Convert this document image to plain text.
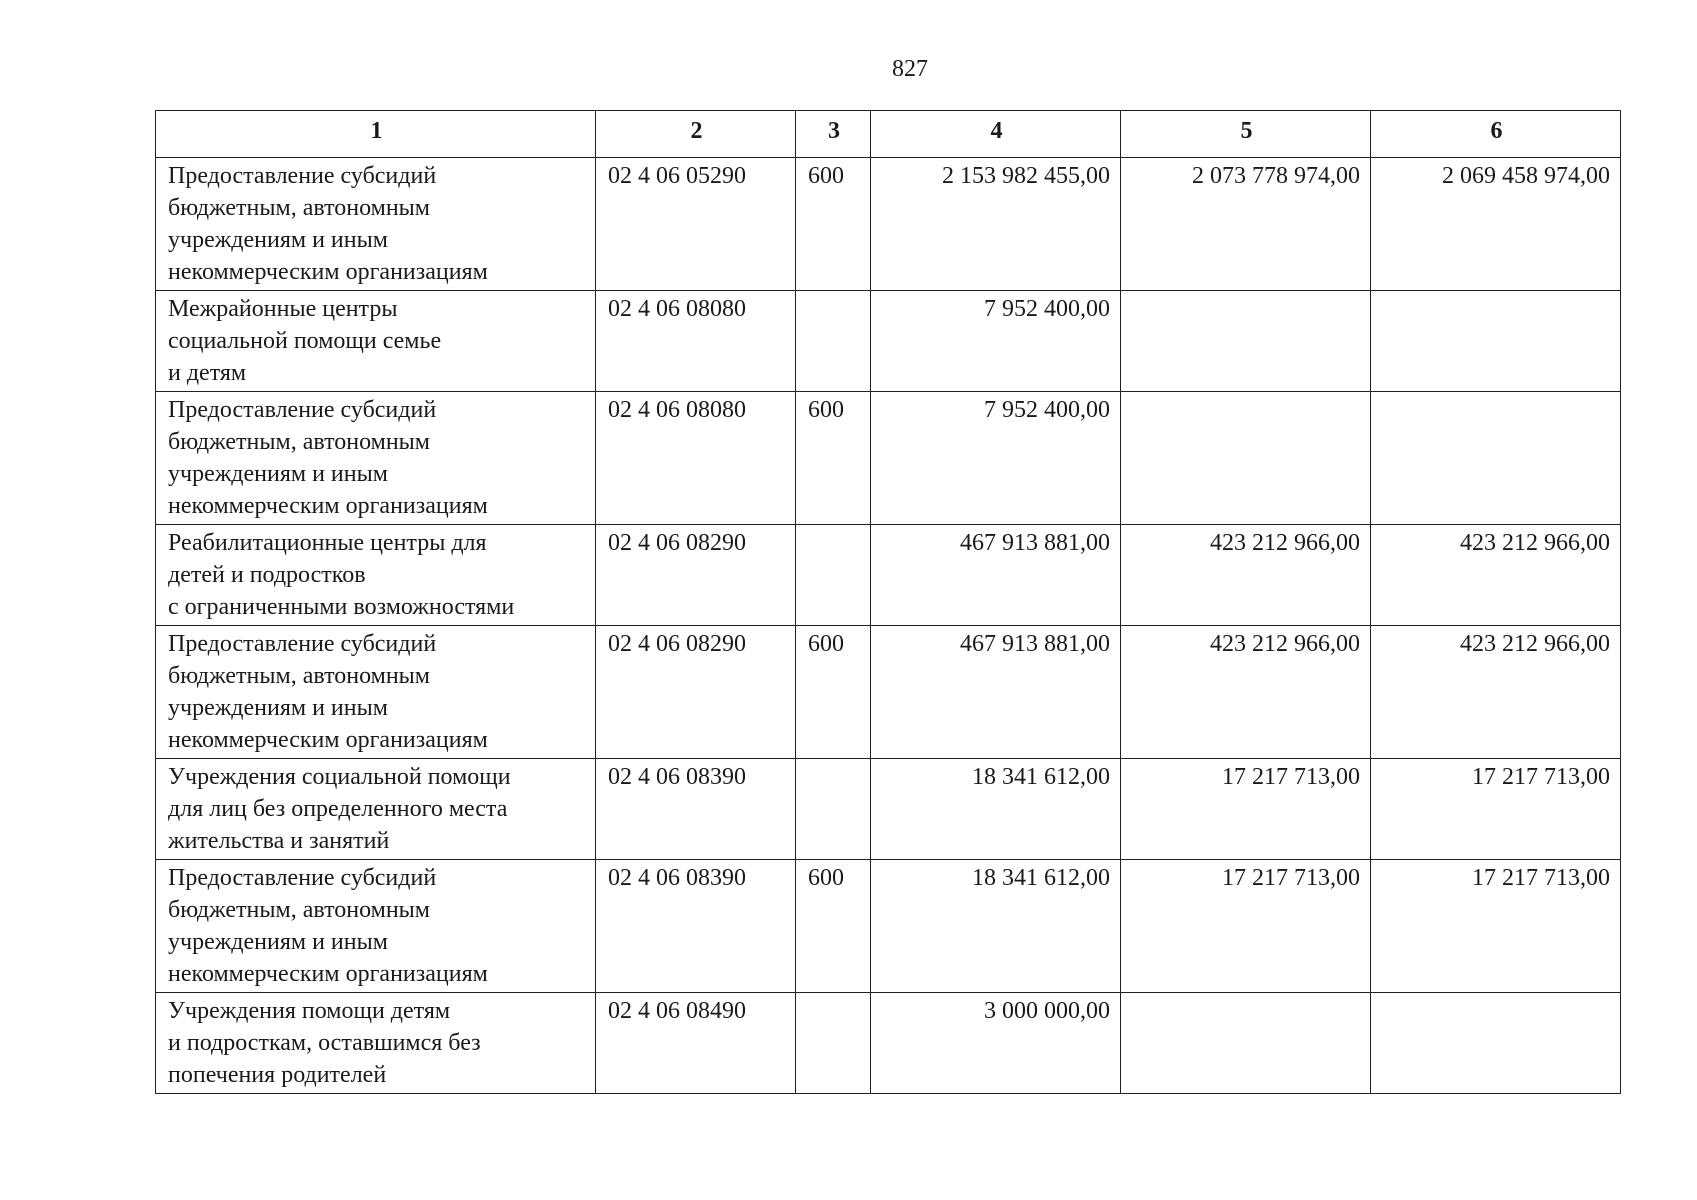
827
1	2	3	4	5	6
Предоставление субсидий
бюджетным, автономным
учреждениям и иным
некоммерческим организациям	02 4 06 05290	600	2 153 982 455,00	2 073 778 974,00	2 069 458 974,00
Межрайонные центры
социальной помощи семье
и детям	02 4 06 08080		7 952 400,00		
Предоставление субсидий
бюджетным, автономным
учреждениям и иным
некоммерческим организациям	02 4 06 08080	600	7 952 400,00		
Реабилитационные центры для
детей и подростков
с ограниченными возможностями	02 4 06 08290		467 913 881,00	423 212 966,00	423 212 966,00
Предоставление субсидий
бюджетным, автономным
учреждениям и иным
некоммерческим организациям	02 4 06 08290	600	467 913 881,00	423 212 966,00	423 212 966,00
Учреждения социальной помощи
для лиц без определенного места
жительства и занятий	02 4 06 08390		18 341 612,00	17 217 713,00	17 217 713,00
Предоставление субсидий
бюджетным, автономным
учреждениям и иным
некоммерческим организациям	02 4 06 08390	600	18 341 612,00	17 217 713,00	17 217 713,00
Учреждения помощи детям
и подросткам, оставшимся без
попечения родителей	02 4 06 08490		3 000 000,00		
